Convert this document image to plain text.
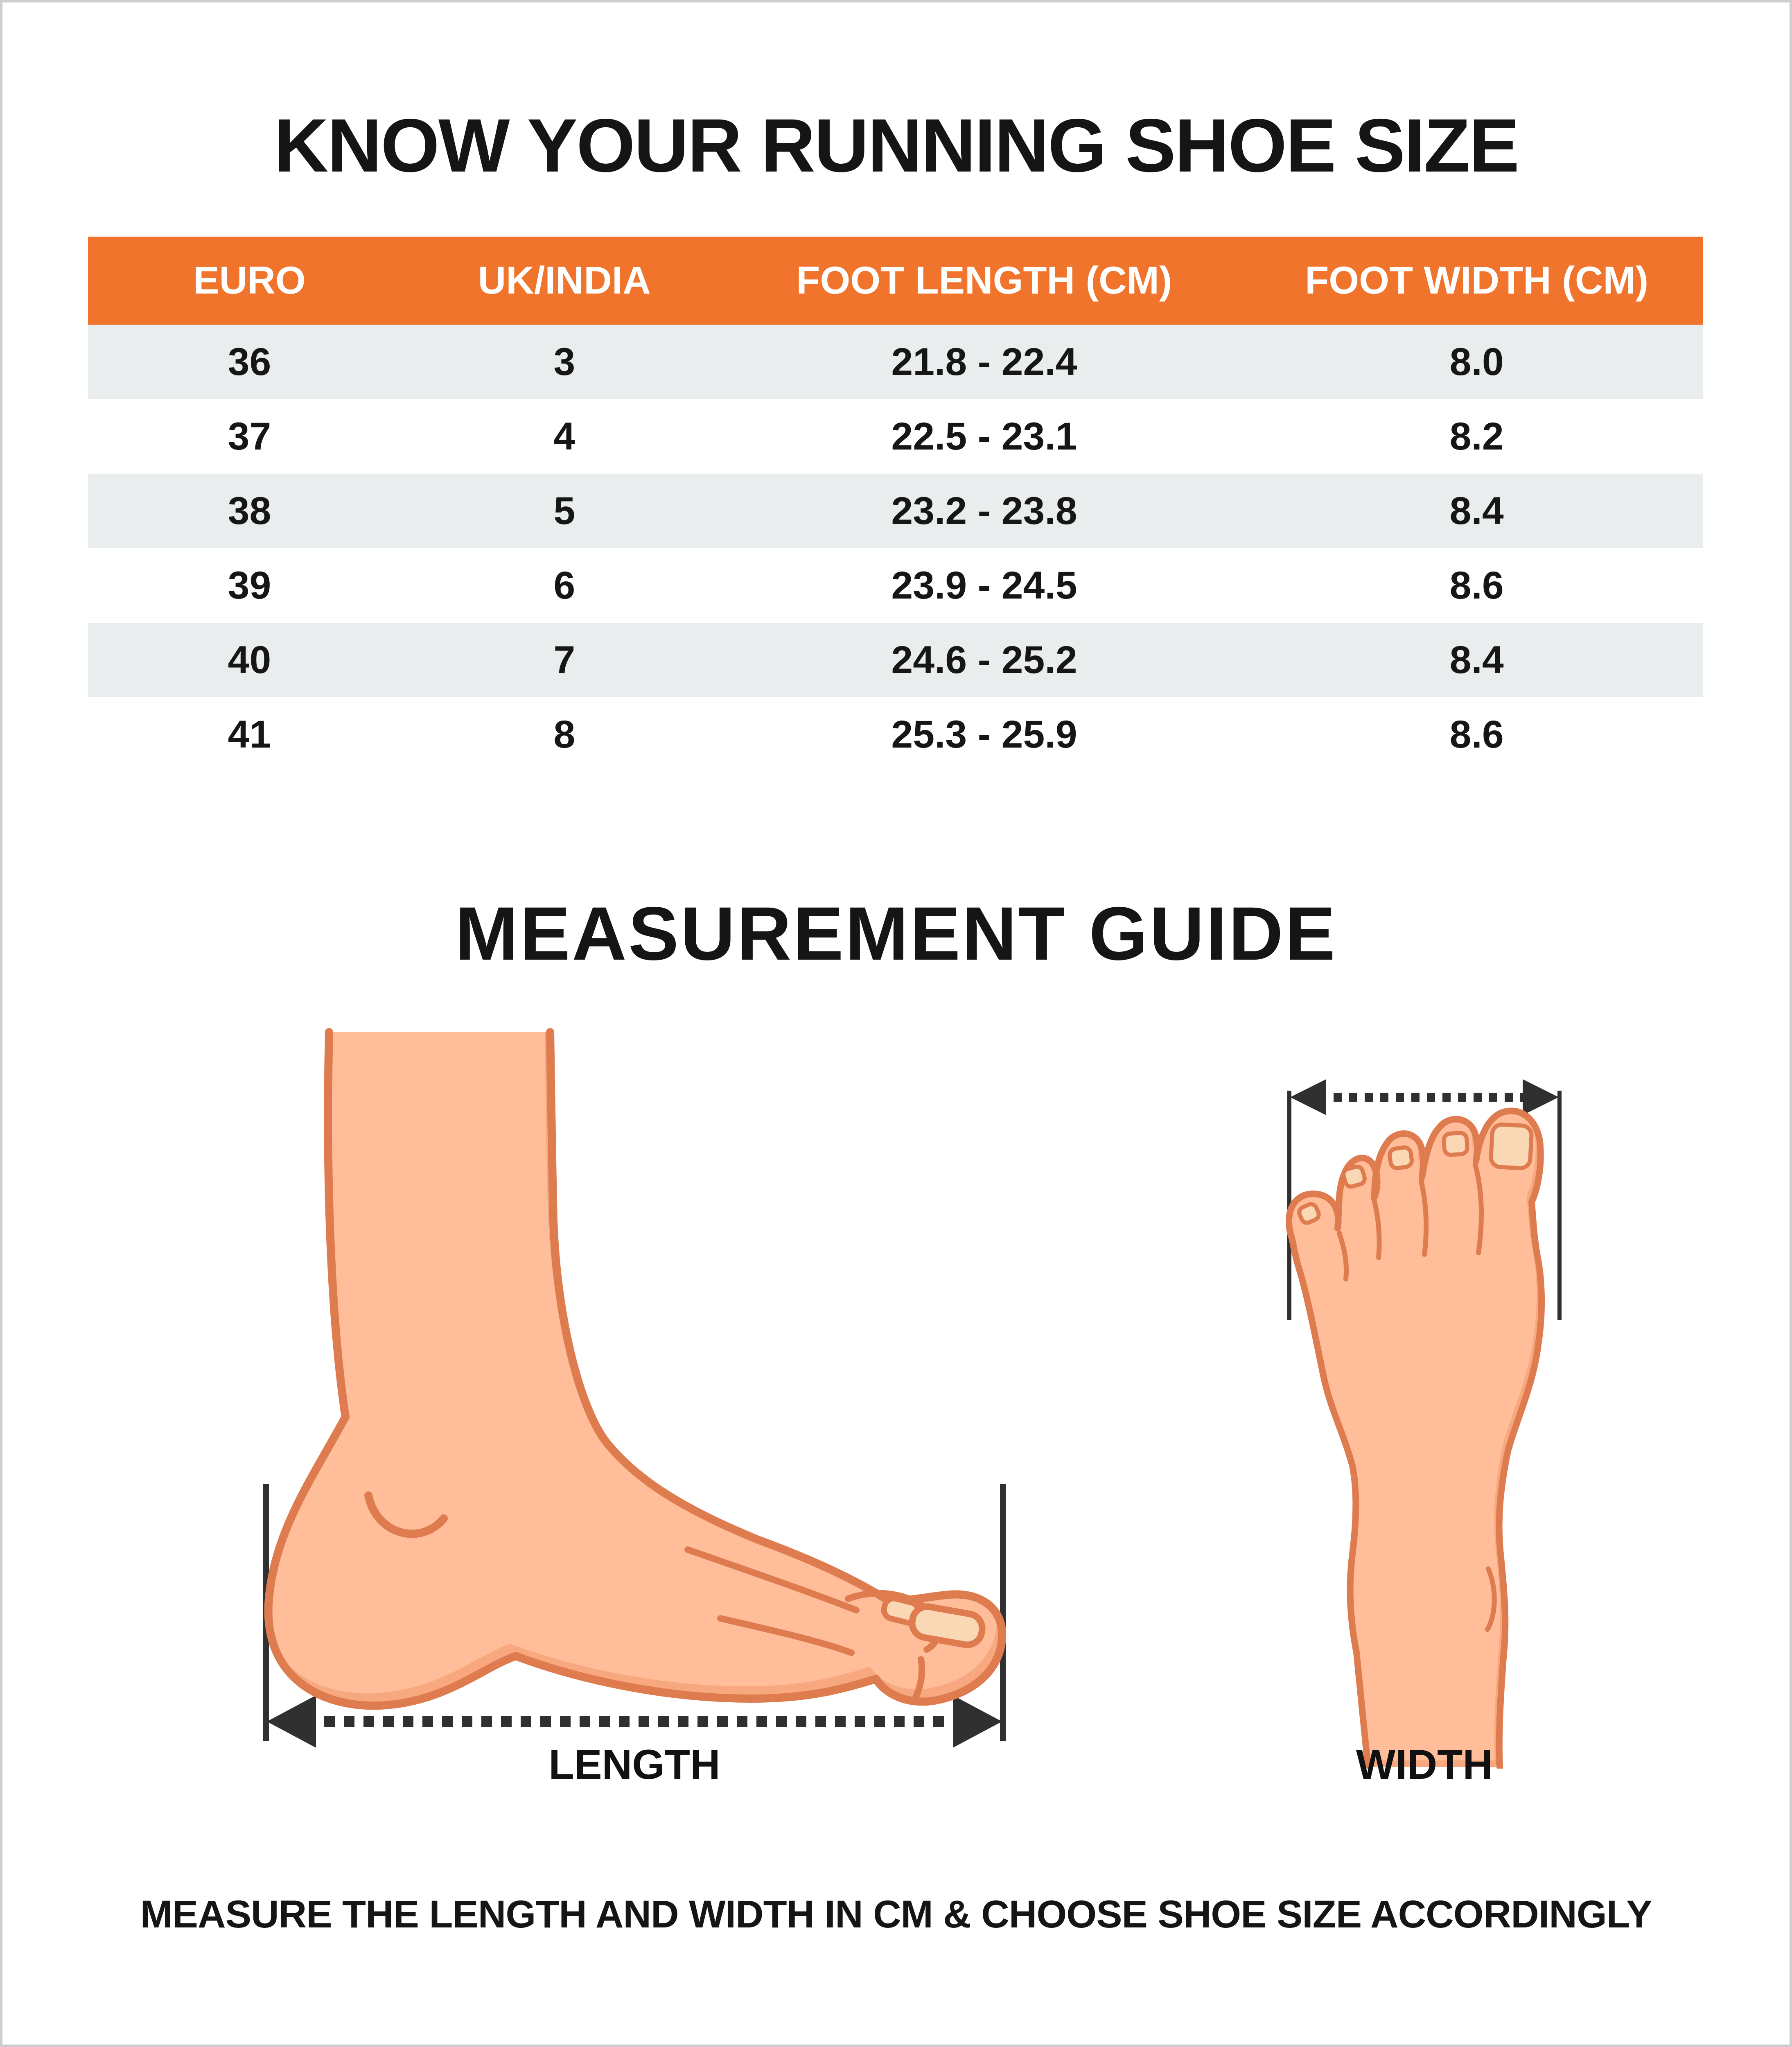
KNOW YOUR RUNNING SHOE SIZE
EURO	UK/INDIA	FOOT LENGTH (CM)	FOOT WIDTH (CM)
36	3	21.8 - 22.4	8.0
37	4	22.5 - 23.1	8.2
38	5	23.2 - 23.8	8.4
39	6	23.9 - 24.5	8.6
40	7	24.6 - 25.2	8.4
41	8	25.3 - 25.9	8.6
MEASUREMENT GUIDE
LENGTH	WIDTH
MEASURE THE LENGTH AND WIDTH IN CM & CHOOSE SHOE SIZE ACCORDINGLY
